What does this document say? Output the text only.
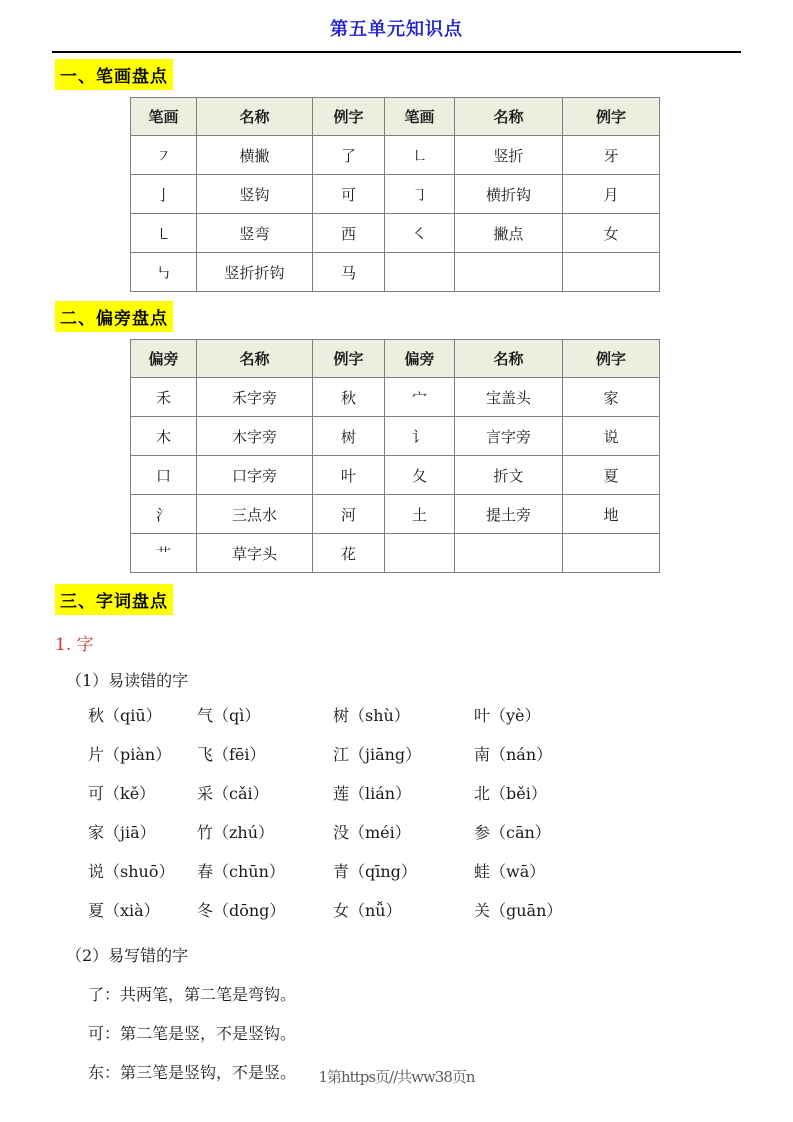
第五单元知识点
一、笔画盘点
笔画	名称	例字	笔画	名称	例字
㇇	横撇	了	㇗	竖折	牙
亅	竖钩	可	㇆	横折钩	月
㇄	竖弯	西	㇛	撇点	女
㇉	竖折折钩	马			
二、偏旁盘点
偏旁	名称	例字	偏旁	名称	例字
禾	禾字旁	秋	宀	宝盖头	家
木	木字旁	树	讠	言字旁	说
口	口字旁	叶	夂	折文	夏
氵	三点水	河	土	提土旁	地
艹	草字头	花			
三、字词盘点
1. 字
（1）易读错的字
秋（qiū）	气（qì）	树（shù）	叶（yè）
片（piàn）	飞（fēi）	江（jiāng）	南（nán）
可（kě）	采（cǎi）	莲（lián）	北（běi）
家（jiā）	竹（zhú）	没（méi）	参（cān）
说（shuō）	春（chūn）	青（qīng）	蛙（wā）
夏（xià）	冬（dōng）	女（nǚ）	关（guān）
（2）易写错的字
了：共两笔，第二笔是弯钩。
可：第二笔是竖，不是竖钩。
东：第三笔是竖钩，不是竖。	1第https页//共ww38页n
